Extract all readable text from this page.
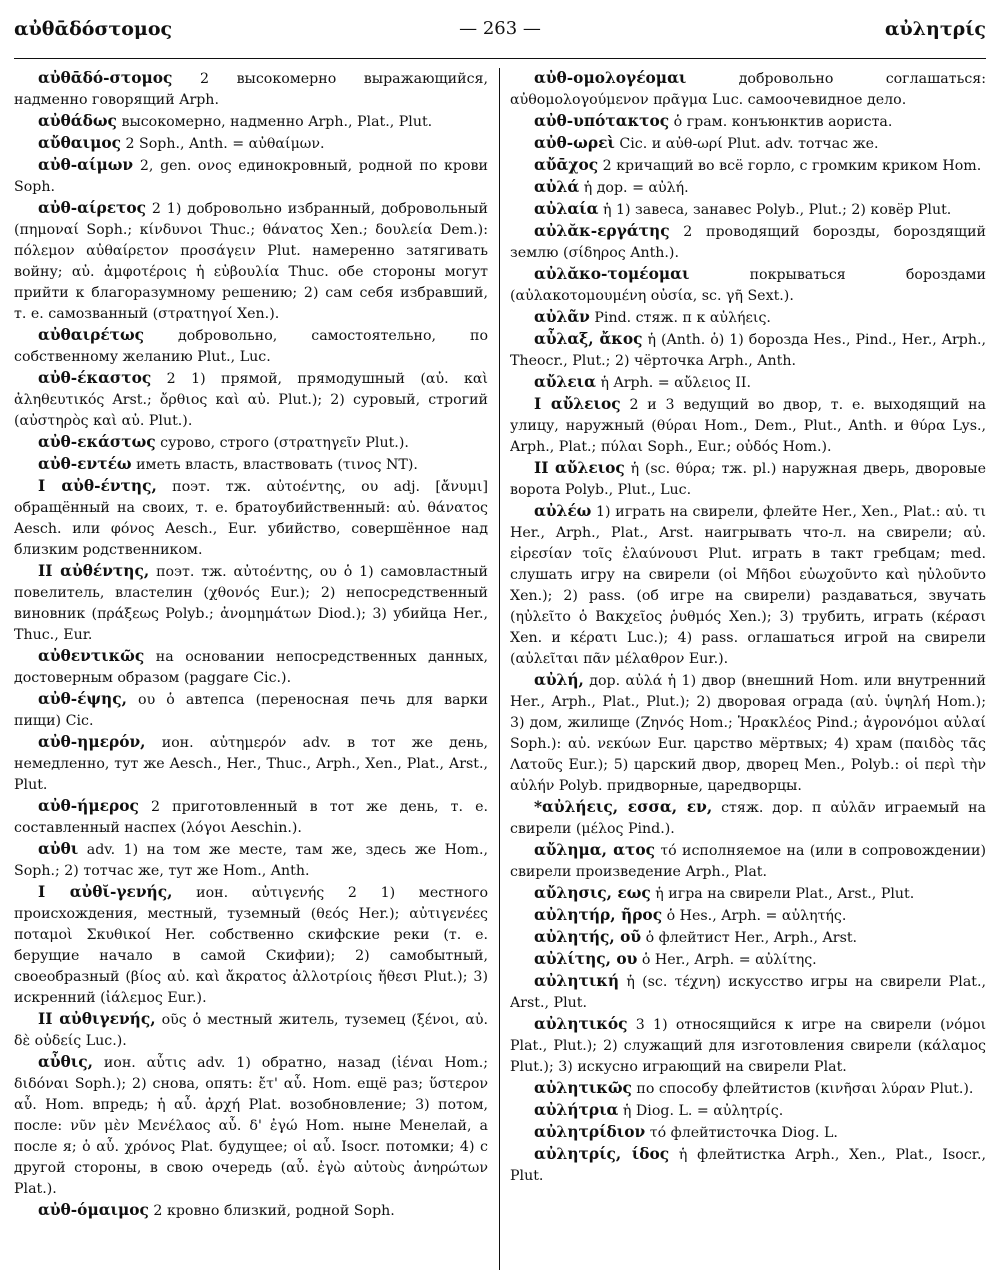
αὐθᾱδόστομος	— 263 —	αὐλητρίς

αὐθᾱδό-στομος 2 высокомерно выражающийся, надменно говорящий Arph.

αὐθάδως высокомерно, надменно Arph., Plat., Plut.

αὔθαιμος 2 Soph., Anth. = αὐθαίμων.

αὐθ-αίμων 2, gen. ονος единокровный, родной по крови Soph.

αὐθ-αίρετος 2 1) добровольно избранный, добровольный (πημοναί Soph.; κίνδυνοι Thuc.; θάνατος Xen.; δουλεία Dem.): πόλεμον αὐθαίρετον προσάγειν Plut. намеренно затягивать войну; αὐ. ἀμφοτέροις ἡ εὐβουλία Thuc. обе стороны могут прийти к благоразумному решению; 2) сам себя избравший, т. е. самозванный (στρατηγοί Xen.).

αὐθαιρέτως добровольно, самостоятельно, по собственному желанию Plut., Luc.

αὐθ-έκαστος 2 1) прямой, прямодушный (αὐ. καὶ ἀληθευτικός Arst.; ὄρθιος καὶ αὐ. Plut.); 2) суровый, строгий (αὐστηρὸς καὶ αὐ. Plut.).

αὐθ-εκάστως сурово, строго (στρατηγεῖν Plut.).

αὐθ-εντέω иметь власть, властвовать (τινος NT).

I αὐθ-έντης, поэт. тж. αὐτοέντης, ου adj. [ἄνυμι] обращённый на своих, т. е. братоубийственный: αὐ. θάνατος Aesch. или φόνος Aesch., Eur. убийство, совершённое над близким родственником.

II αὐθέντης, поэт. тж. αὐτοέντης, ου ὁ 1) самовластный повелитель, властелин (χθονός Eur.); 2) непосредственный виновник (πράξεως Polyb.; ἀνομημάτων Diod.); 3) убийца Her., Thuc., Eur.

αὐθεντικῶς на основании непосредственных данных, достоверным образом (paggare Cic.).

αὐθ-έψης, ου ὁ автепса (переносная печь для варки пищи) Cic.

αὐθ-ημερόν, ион. αὐτημερόν adv. в тот же день, немедленно, тут же Aesch., Her., Thuc., Arph., Xen., Plat., Arst., Plut.

αὐθ-ήμερος 2 приготовленный в тот же день, т. е. составленный наспех (λόγοι Aeschin.).

αὐθι adv. 1) на том же месте, там же, здесь же Hom., Soph.; 2) тотчас же, тут же Hom., Anth.

I αὐθῐ-γενής, ион. αὐτιγενής 2 1) местного происхождения, местный, туземный (θεός Her.); αὐτιγενέες ποταμοὶ Σκυθικοί Her. собственно скифские реки (т. е. берущие начало в самой Скифии); 2) самобытный, своеобразный (βίος αὐ. καὶ ἄκρατος ἀλλοτρίοις ἤθεσι Plut.); 3) искренний (ἰάλεμος Eur.).

II αὐθιγενής, οῦς ὁ местный житель, туземец (ξένοι, αὐ. δὲ οὐδείς Luc.).

αὖθις, ион. αὖτις adv. 1) обратно, назад (ἰέναι Hom.; διδόναι Soph.); 2) снова, опять: ἔτ' αὖ. Hom. ещё раз; ὕστερον αὖ. Hom. впредь; ἡ αὖ. ἀρχή Plat. возобновление; 3) потом, после: νῦν μὲν Μενέλαος αὖ. δ' ἐγώ Hom. ныне Менелай, а после я; ὁ αὖ. χρόνος Plat. будущее; οἱ αὖ. Isocr. потомки; 4) с другой стороны, в свою очередь (αὖ. ἐγὼ αὐτοὺς ἀνηρώτων Plat.).

αὐθ-όμαιμος 2 кровно близкий, родной Soph.

αὐθ-ομολογέομαι	добровольно соглашаться: αὐθομολογούμενον πρᾶγμα Luc. самоочевидное дело.

αὐθ-υπότακτος ὁ грам. конъюнктив аориста.

αὐθ-ωρεὶ Cic. и αὐθ-ωρί Plut. adv. тотчас же.

αὔᾱχος 2 кричащий во всё горло, с громким криком Hom.

αὐλά ἡ дор. = αὐλή.

αὐλαία ἡ 1) завеса, занавес Polyb., Plut.; 2) ковёр Plut.

αὐλᾰκ-εργάτης 2 проводящий борозды, бороздящий землю (σίδηρος Anth.).

αὐλᾰκο-τομέομαι	покрываться бороздами (αὐλακοτομουμένη οὐσία, sc. γῆ Sext.).

αὐλᾶν Pind. стяж. п к αὐλήεις.

αὖλαξ, ἄκος ἡ (Anth. ὁ) 1) борозда Hes., Pind., Her., Arph., Theocr., Plut.; 2) чёрточка Arph., Anth.

αὔλεια ἡ Arph. = αὔλειος II.

I αὔλειος 2 и 3 ведущий во двор, т. е. выходящий на улицу, наружный (θύραι Hom., Dem., Plut., Anth. и θύρα Lys., Arph., Plat.; πύλαι Soph., Eur.; οὐδός Hom.).

II αὔλειος ἡ (sc. θύρα; тж. pl.) наружная дверь, дворовые ворота Polyb., Plut., Luc.

αὐλέω 1) играть на свирели, флейте Her., Xen., Plat.: αὐ. τι Her., Arph., Plat., Arst. наигрывать что-л. на свирели; αὐ. εἰρεσίαν τοῖς ἐλαύνουσι Plut. играть в такт гребцам; med. слушать игру на свирели (οἱ Μῆδοι εὐωχοῦντο καὶ ηὐλοῦντο Xen.); 2) pass. (об игре на свирели) раздаваться, звучать (ηὐλεῖτο ὁ Βακχεῖος ῥυθμός Xen.); 3) трубить, играть (κέρασι Xen. и κέρατι Luc.); 4) pass. оглашаться игрой на свирели (αὐλεῖται πᾶν μέλαθρον Eur.).

αὐλή, дор. αὐλά ἡ 1) двор (внешний Hom. или внутренний Her., Arph., Plat., Plut.); 2) дворовая ограда (αὐ. ὑψηλή Hom.); 3) дом, жилище (Ζηνός Hom.; Ἡρακλέος Pind.; ἀγρονόμοι αὐλαί Soph.): αὐ. νεκύων Eur. царство мёртвых; 4) храм (παιδὸς τᾶς Λατοῦς Eur.); 5) царский двор, дворец Men., Polyb.: οἱ περὶ τὴν αὐλήν Polyb. придворные, царедворцы.

*αὐλήεις, εσσα, εν, стяж. дор. п αὐλᾶν играемый на свирели (μέλος Pind.).

αὔλημα, ατος τό исполняемое на (или в сопровождении) свирели произведение Arph., Plat.

αὔλησις, εως ἡ игра на свирели Plat., Arst., Plut.

αὐλητήρ, ῆρος ὁ Hes., Arph. = αὐλητής.

αὐλητής, οῦ ὁ флейтист Her., Arph., Arst.

αὐλίτης, ου ὁ Her., Arph. = αὐλίτης.

αὐλητική ἡ (sc. τέχνη) искусство игры на свирели Plat., Arst., Plut.

αὐλητικός 3 1) относящийся к игре на свирели (νόμοι Plat., Plut.); 2) служащий для изготовления свирели (κάλαμος Plut.); 3) искусно играющий на свирели Plat.

αὐλητικῶς по способу флейтистов (κινῆσαι λύραν Plut.).

αὐλήτρια ἡ Diog. L. = αὐλητρίς.

αὐλητρίδιον τό флейтисточка Diog. L.

αὐλητρίς, ίδος ἡ флейтистка Arph., Xen., Plat., Isocr., Plut.
